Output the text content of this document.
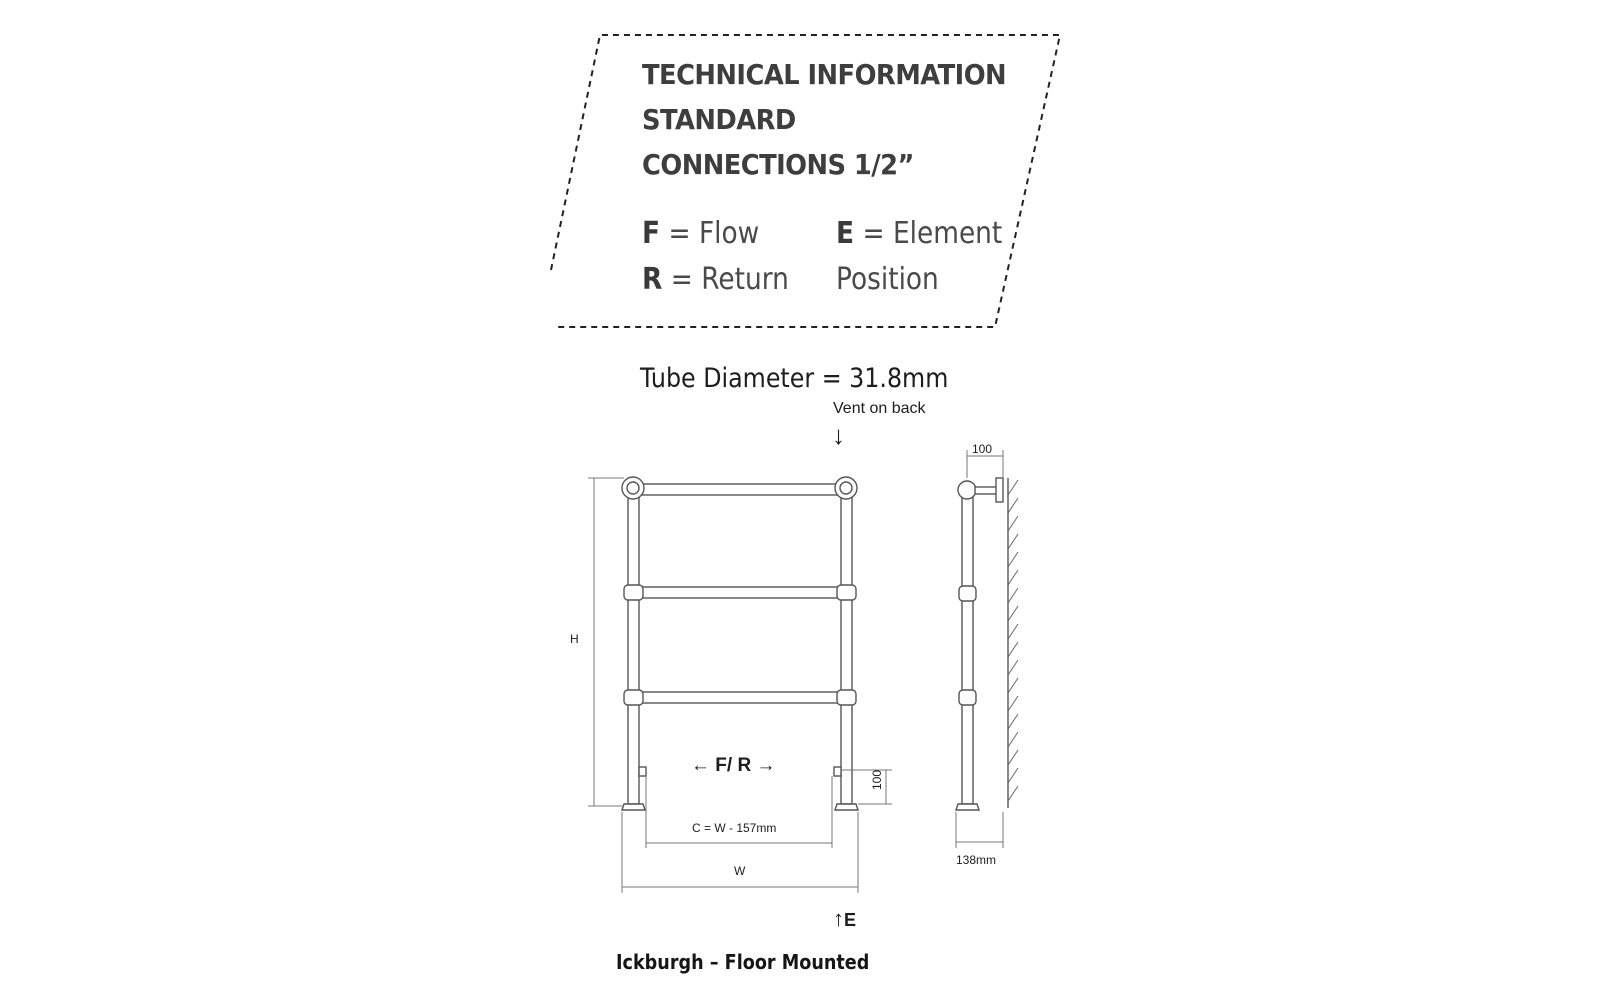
TECHNICAL INFORMATION
STANDARD
CONNECTIONS 1/2”
F = Flow
R = Return
E = Element
Position
Tube Diameter = 31.8mm
Vent on back
↓
H
W
C = W - 157mm
100
100
138mm
← F/ R →
↑E
Ickburgh – Floor Mounted
